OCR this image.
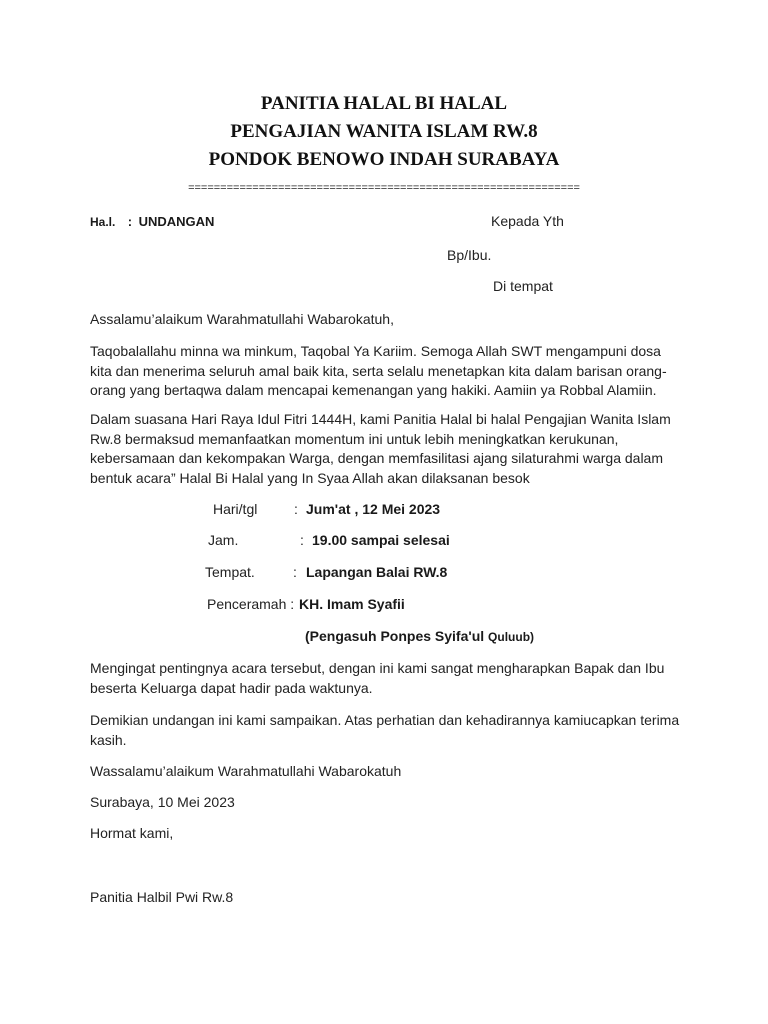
PANITIA HALAL BI HALAL
PENGAJIAN WANITA ISLAM RW.8
PONDOK BENOWO INDAH SURABAYA
=============================================================
Ha.l. : UNDANGAN	Kepada Yth
Bp/Ibu.
Di tempat
Assalamu’alaikum Warahmatullahi Wabarokatuh,
Taqobalallahu minna wa minkum, Taqobal Ya Kariim. Semoga Allah SWT mengampuni dosa kita dan menerima seluruh amal baik kita, serta selalu menetapkan kita dalam barisan orang-orang yang bertaqwa dalam mencapai kemenangan yang hakiki. Aamiin ya Robbal Alamiin.
Dalam suasana Hari Raya Idul Fitri 1444H, kami Panitia Halal bi halal Pengajian Wanita Islam Rw.8 bermaksud memanfaatkan momentum ini untuk lebih meningkatkan kerukunan, kebersamaan dan kekompakan Warga, dengan memfasilitasi ajang silaturahmi warga dalam bentuk acara” Halal Bi Halal yang In Syaa Allah akan dilaksanan besok
Hari/tgl	: Jum'at , 12 Mei 2023
Jam.	: 19.00 sampai selesai
Tempat.	: Lapangan Balai RW.8
Penceramah : KH. Imam Syafii
(Pengasuh Ponpes Syifa'ul Quluub)
Mengingat pentingnya acara tersebut, dengan ini kami sangat mengharapkan Bapak dan Ibu beserta Keluarga dapat hadir pada waktunya.
Demikian undangan ini kami sampaikan. Atas perhatian dan kehadirannya kamiucapkan terima kasih.
Wassalamu’alaikum Warahmatullahi Wabarokatuh
Surabaya, 10 Mei 2023
Hormat kami,
Panitia Halbil Pwi Rw.8
